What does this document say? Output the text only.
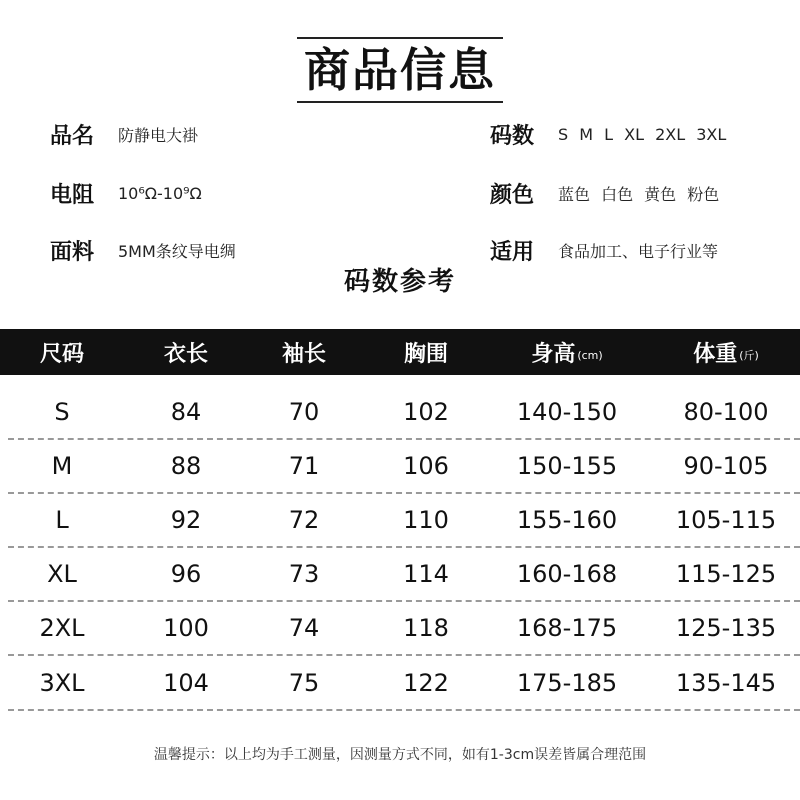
商品信息
品名	防静电大褂	码数	S M L XL 2XL 3XL
电阻	10⁶Ω-10⁹Ω	颜色	蓝色 白色 黄色 粉色
面料	5MM条纹导电绸	适用	食品加工、电子行业等
码数参考
尺码	衣长	袖长	胸围	身高 (cm)	体重 (斤)
S	84	70	102	140-150	80-100
M	88	71	106	150-155	90-105
L	92	72	110	155-160	105-115
XL	96	73	114	160-168	115-125
2XL	100	74	118	168-175	125-135
3XL	104	75	122	175-185	135-145
温馨提示：以上均为手工测量，因测量方式不同，如有1-3cm误差皆属合理范围
